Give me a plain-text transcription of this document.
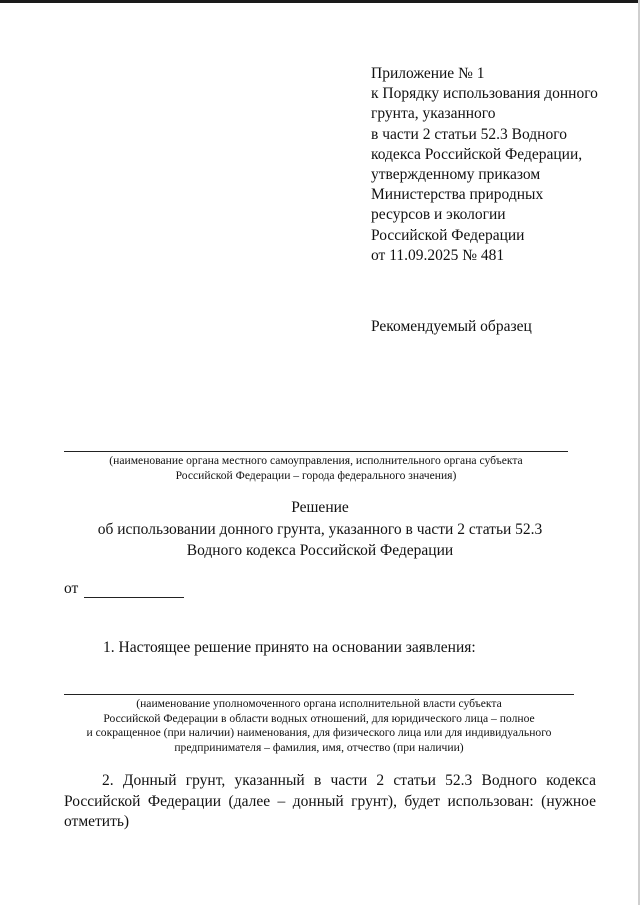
Приложение № 1
к Порядку использования донного
грунта, указанного
в части 2 статьи 52.3 Водного
кодекса Российской Федерации,
утвержденному приказом
Министерства природных
ресурсов и экологии
Российской Федерации
от 11.09.2025 № 481
Рекомендуемый образец
(наименование органа местного самоуправления, исполнительного органа субъекта
Российской Федерации – города федерального значения)
Решение
об использовании донного грунта, указанного в части 2 статьи 52.3
Водного кодекса Российской Федерации
от
1. Настоящее решение принято на основании заявления:
(наименование уполномоченного органа исполнительной власти субъекта
Российской Федерации в области водных отношений, для юридического лица – полное
и сокращенное (при наличии) наименования, для физического лица или для индивидуального
предпринимателя – фамилия, имя, отчество (при наличии)
2. Донный грунт, указанный в части 2 статьи 52.3 Водного кодекса
Российской Федерации (далее – донный грунт), будет использован: (нужное
отметить)
